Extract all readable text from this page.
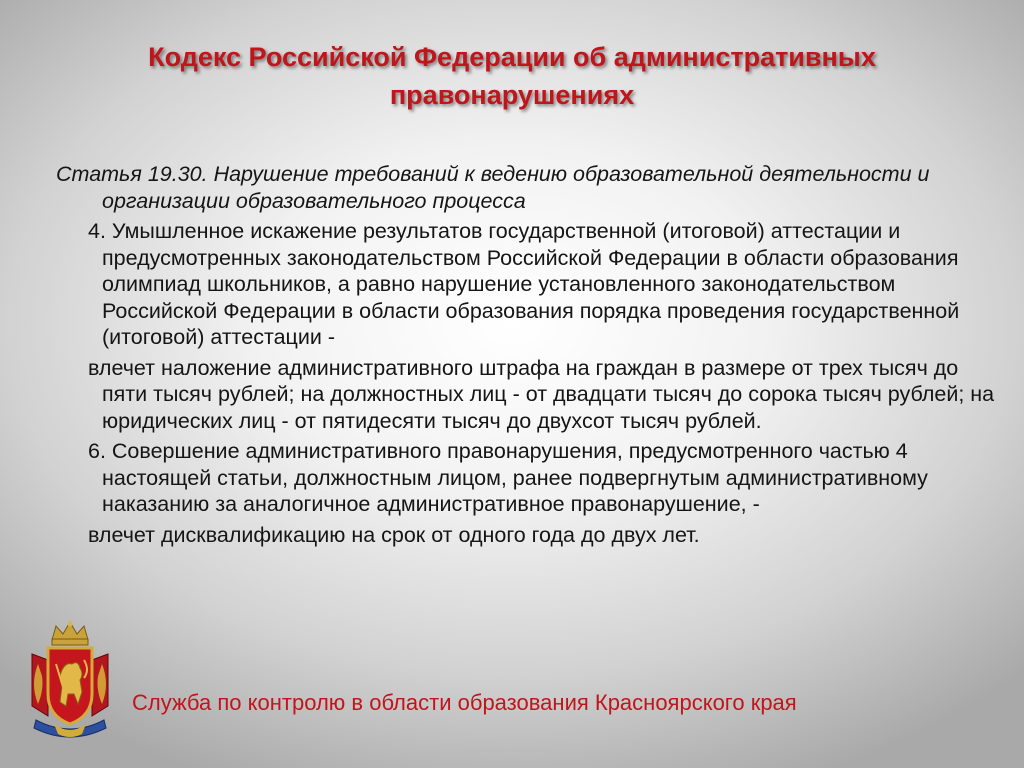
Кодекс Российской Федерации об административных правонарушениях

Статья 19.30. Нарушение требований к ведению образовательной деятельности и организации образовательного процесса

4. Умышленное искажение результатов государственной (итоговой) аттестации и предусмотренных законодательством Российской Федерации в области образования олимпиад школьников, а равно нарушение установленного законодательством Российской Федерации в области образования порядка проведения государственной (итоговой) аттестации -

влечет наложение административного штрафа на граждан в размере от трех тысяч до пяти тысяч рублей; на должностных лиц - от двадцати тысяч до сорока тысяч рублей; на юридических лиц - от пятидесяти тысяч до двухсот тысяч рублей.

6. Совершение административного правонарушения, предусмотренного частью 4 настоящей статьи, должностным лицом, ранее подвергнутым административному наказанию за аналогичное административное правонарушение, -

влечет дисквалификацию на срок от одного года до двух лет.

Служба по контролю в области образования Красноярского края
